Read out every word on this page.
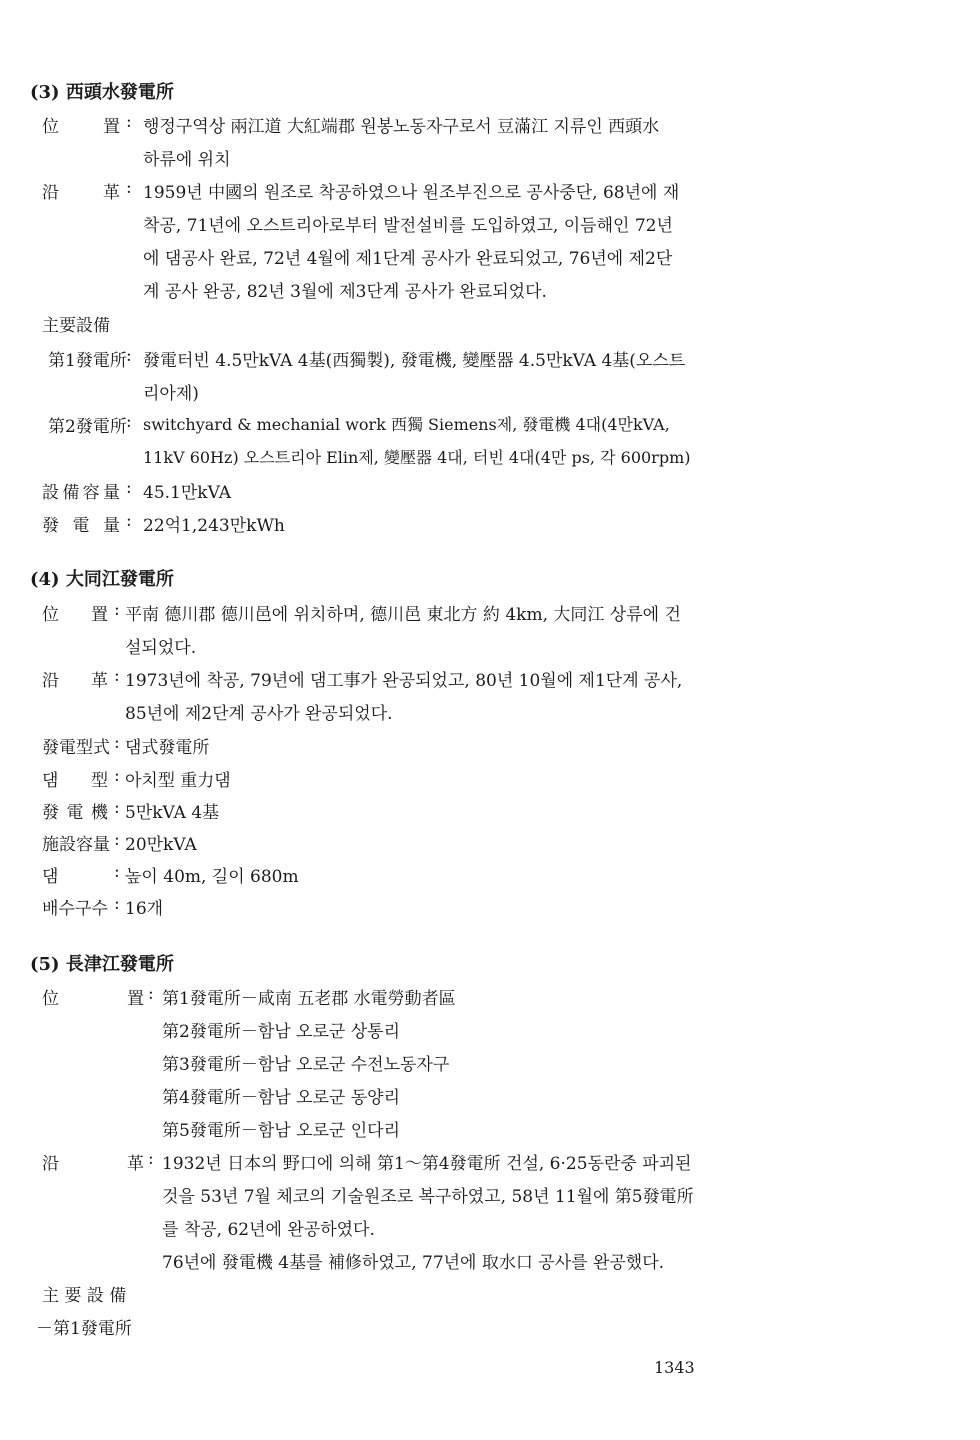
(3) 西頭水發電所
位	置 : 행정구역상 兩江道 大紅端郡 원봉노동자구로서 豆滿江 지류인 西頭水
하류에 위치
沿	革 : 1959년 中國의 원조로 착공하였으나 원조부진으로 공사중단, 68년에 재
착공, 71년에 오스트리아로부터 발전설비를 도입하였고, 이듬해인 72년
에 댐공사 완료, 72년 4월에 제1단계 공사가 완료되었고, 76년에 제2단
계 공사 완공, 82년 3월에 제3단계 공사가 완료되었다.
主要設備
第1發電所 : 發電터빈 4.5만kVA 4基(西獨製), 發電機, 變壓器 4.5만kVA 4基(오스트
리아제)
第2發電所 : switchyard & mechanial work 西獨 Siemens제, 發電機 4대(4만kVA,
11kV 60Hz) 오스트리아 Elin제, 變壓器 4대, 터빈 4대(4만 ps, 각 600rpm)
設 備 容 量 : 45.1만kVA
發 電 量 : 22억1,243만kWh
(4) 大同江發電所
位 置 : 平南 德川郡 德川邑에 위치하며, 德川邑 東北方 約 4km, 大同江 상류에 건
설되었다.
沿 革 : 1973년에 착공, 79년에 댐工事가 완공되었고, 80년 10월에 제1단계 공사,
85년에 제2단계 공사가 완공되었다.
發電型式 : 댐式發電所
댐 型 : 아치型 重力댐
發 電 機 : 5만kVA 4基
施設容量 : 20만kVA
댐	: 높이 40m, 길이 680m
배 수 구 수 : 16개
(5) 長津江發電所
位	置 : 第1發電所－咸南 五老郡 水電勞動者區
第2發電所－함남 오로군 상통리
第3發電所－함남 오로군 수전노동자구
第4發電所－함남 오로군 동양리
第5發電所－함남 오로군 인다리
沿	革 : 1932년 日本의 野口에 의해 第1～第4發電所 건설, 6·25동란중 파괴된
것을 53년 7월 체코의 기술원조로 복구하였고, 58년 11월에 第5發電所
를 착공, 62년에 완공하였다.
76년에 發電機 4基를 補修하였고, 77년에 取水口 공사를 완공했다.
主 要 設 備
－第1發電所
1343
